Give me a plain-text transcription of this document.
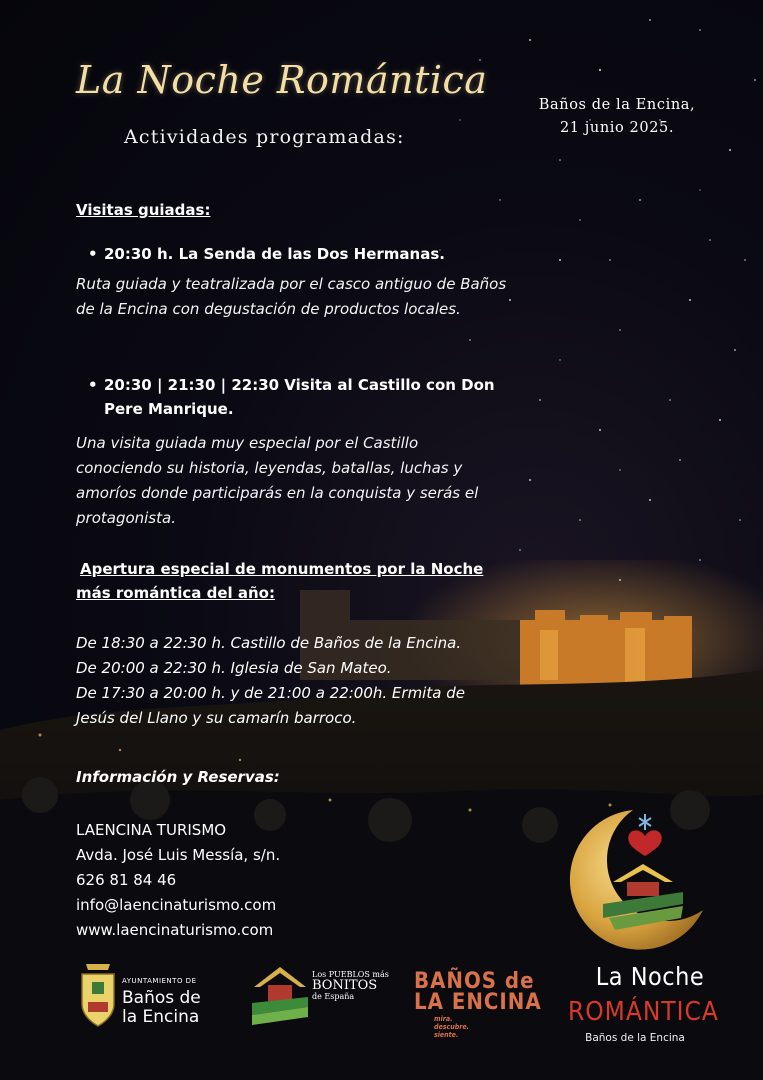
La Noche Romántica
Actividades programadas:
Baños de la Encina,
21 junio 2025.
Visitas guiadas:
• 20:30 h. La Senda de las Dos Hermanas.
Ruta guiada y teatralizada por el casco antiguo de Baños de la Encina con degustación de productos locales.
• 20:30 | 21:30 | 22:30 Visita al Castillo con Don Pere Manrique.
Una visita guiada muy especial por el Castillo conociendo su historia, leyendas, batallas, luchas y amoríos donde participarás en la conquista y serás el protagonista.
Apertura especial de monumentos por la Noche
más romántica del año:
De 18:30 a 22:30 h. Castillo de Baños de la Encina.
De 20:00 a 22:30 h. Iglesia de San Mateo.
De 17:30 a 20:00 h. y de 21:00 a 22:00h. Ermita de
Jesús del Llano y su camarín barroco.
Información y Reservas:
LAENCINA TURISMO
Avda. José Luis Messía, s/n.
626 81 84 46
info@laencinaturismo.com
www.laencinaturismo.com
AYUNTAMIENTO DE
Baños de
la Encina
Los PUEBLOS más
BONITOS
de España
BAÑOS de
LA ENCINA
mira.
descubre.
siente.
La Noche
ROMÁNTICA
Baños de la Encina
